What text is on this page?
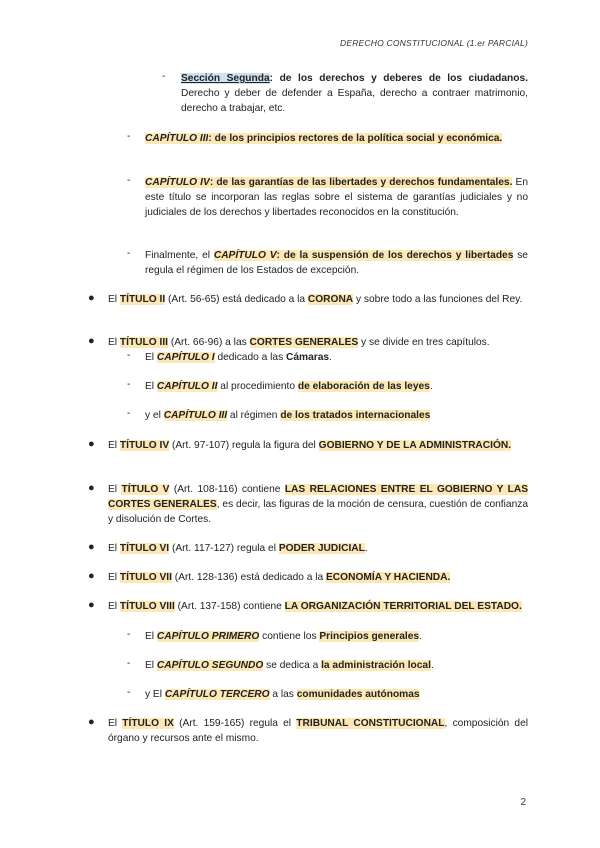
DERECHO CONSTITUCIONAL (1.er PARCIAL)
- Sección Segunda: de los derechos y deberes de los ciudadanos. Derecho y deber de defender a España, derecho a contraer matrimonio, derecho a trabajar, etc.
- CAPÍTULO III: de los principios rectores de la política social y económica.
- CAPÍTULO IV: de las garantías de las libertades y derechos fundamentales. En este título se incorporan las reglas sobre el sistema de garantías judiciales y no judiciales de los derechos y libertades reconocidos en la constitución.
- Finalmente, el CAPÍTULO V: de la suspensión de los derechos y libertades se regula el régimen de los Estados de excepción.
● El TÍTULO II (Art. 56-65) está dedicado a la CORONA y sobre todo a las funciones del Rey.
● El TÍTULO III (Art. 66-96) a las CORTES GENERALES y se divide en tres capítulos.
- El CAPÍTULO I dedicado a las Cámaras.
- El CAPÍTULO II al procedimiento de elaboración de las leyes.
- y el CAPÍTULO III al régimen de los tratados internacionales
● El TÍTULO IV (Art. 97-107) regula la figura del GOBIERNO Y DE LA ADMINISTRACIÓN.
● El TÍTULO V (Art. 108-116) contiene LAS RELACIONES ENTRE EL GOBIERNO Y LAS CORTES GENERALES, es decir, las figuras de la moción de censura, cuestión de confianza y disolución de Cortes.
● El TÍTULO VI (Art. 117-127) regula el PODER JUDICIAL.
● El TÍTULO VII (Art. 128-136) está dedicado a la ECONOMÍA Y HACIENDA.
● El TÍTULO VIII (Art. 137-158) contiene LA ORGANIZACIÓN TERRITORIAL DEL ESTADO.
- El CAPÍTULO PRIMERO contiene los Principios generales.
- El CAPÍTULO SEGUNDO se dedica a la administración local.
- y El CAPÍTULO TERCERO a las comunidades autónomas
● El TÍTULO IX (Art. 159-165) regula el TRIBUNAL CONSTITUCIONAL, composición del órgano y recursos ante el mismo.
2
